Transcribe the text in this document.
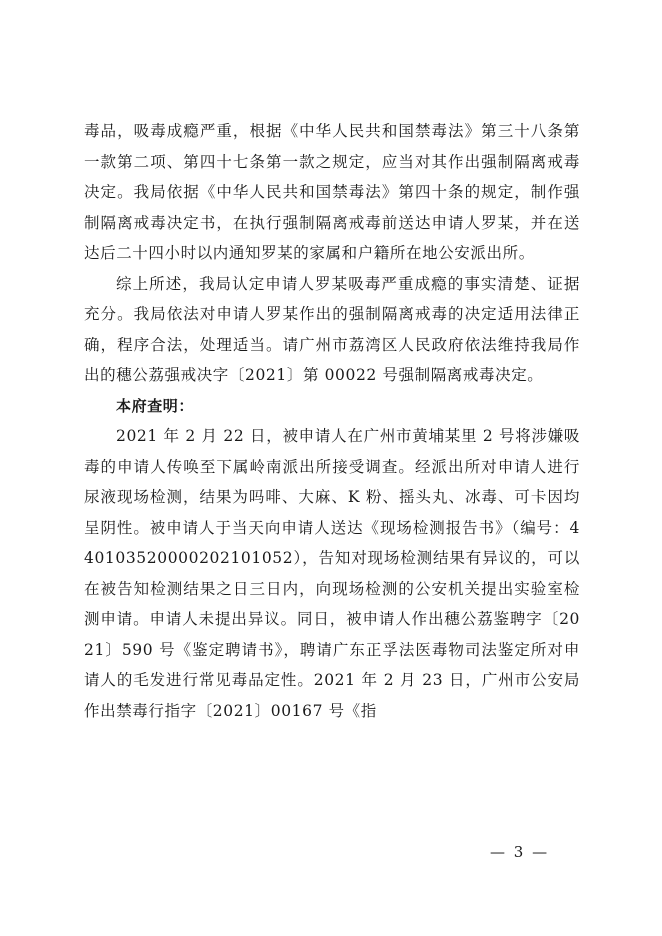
毒品，吸毒成瘾严重，根据《中华人民共和国禁毒法》第三十八条第一款第二项、第四十七条第一款之规定，应当对其作出强制隔离戒毒决定。我局依据《中华人民共和国禁毒法》第四十条的规定，制作强制隔离戒毒决定书，在执行强制隔离戒毒前送达申请人罗某，并在送达后二十四小时以内通知罗某的家属和户籍所在地公安派出所。

综上所述，我局认定申请人罗某吸毒严重成瘾的事实清楚、证据充分。我局依法对申请人罗某作出的强制隔离戒毒的决定适用法律正确，程序合法，处理适当。请广州市荔湾区人民政府依法维持我局作出的穗公荔强戒决字〔2021〕第 00022 号强制隔离戒毒决定。

本府查明：

2021 年 2 月 22 日，被申请人在广州市黄埔某里 2 号将涉嫌吸毒的申请人传唤至下属岭南派出所接受调查。经派出所对申请人进行尿液现场检测，结果为吗啡、大麻、K 粉、摇头丸、冰毒、可卡因均呈阴性。被申请人于当天向申请人送达《现场检测报告书》（编号：440103520000202101052），告知对现场检测结果有异议的，可以在被告知检测结果之日三日内，向现场检测的公安机关提出实验室检测申请。申请人未提出异议。同日，被申请人作出穗公荔鉴聘字〔2021〕590 号《鉴定聘请书》，聘请广东正孚法医毒物司法鉴定所对申请人的毛发进行常见毒品定性。2021 年 2 月 23 日，广州市公安局作出禁毒行指字〔2021〕00167 号《指

— 3 —
